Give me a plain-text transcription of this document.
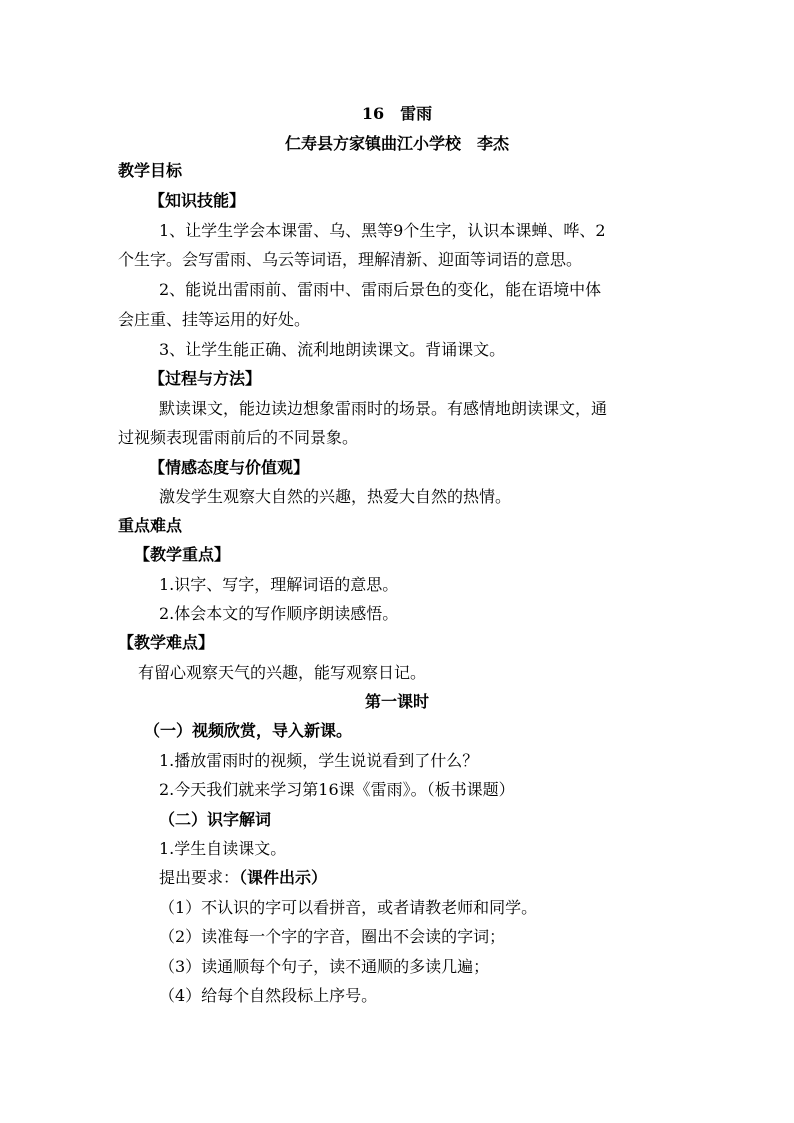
16　雷雨
仁寿县方家镇曲江小学校　李杰
教学目标
【知识技能】
1、让学生学会本课雷、乌、黑等9个生字，认识本课蝉、哗、2
个生字。会写雷雨、乌云等词语，理解清新、迎面等词语的意思。
2、能说出雷雨前、雷雨中、雷雨后景色的变化，能在语境中体
会庄重、挂等运用的好处。
3、让学生能正确、流利地朗读课文。背诵课文。
【过程与方法】
默读课文，能边读边想象雷雨时的场景。有感情地朗读课文，通
过视频表现雷雨前后的不同景象。
【情感态度与价值观】
激发学生观察大自然的兴趣，热爱大自然的热情。
重点难点
【教学重点】
1.识字、写字，理解词语的意思。
2.体会本文的写作顺序朗读感悟。
【教学难点】
有留心观察天气的兴趣，能写观察日记。
第一课时
（一）视频欣赏，导入新课。
1.播放雷雨时的视频，学生说说看到了什么？
2.今天我们就来学习第16课《雷雨》。（板书课题）
（二）识字解词
1.学生自读课文。
提出要求：（课件出示）
（1）不认识的字可以看拼音，或者请教老师和同学。
（2）读准每一个字的字音，圈出不会读的字词；
（3）读通顺每个句子，读不通顺的多读几遍；
（4）给每个自然段标上序号。
